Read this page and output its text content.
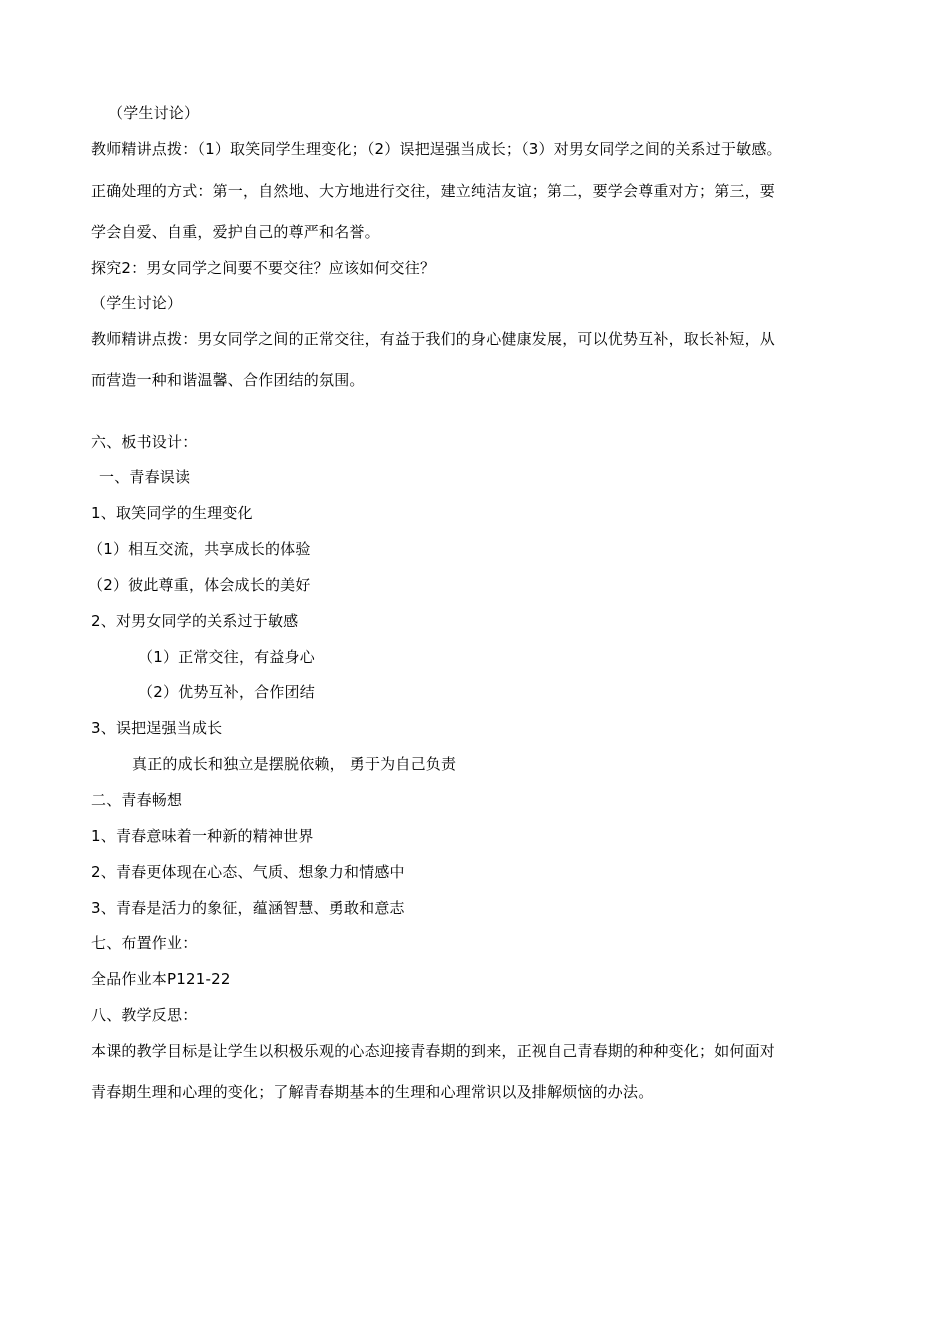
（学生讨论）
教师精讲点拨：（1）取笑同学生理变化；（2）误把逞强当成长；（3）对男女同学之间的关系过于敏感。
正确处理的方式：第一，自然地、大方地进行交往，建立纯洁友谊；第二，要学会尊重对方；第三，要
学会自爱、自重，爱护自己的尊严和名誉。
探究2：男女同学之间要不要交往？应该如何交往？
（学生讨论）
教师精讲点拨：男女同学之间的正常交往，有益于我们的身心健康发展，可以优势互补，取长补短，从
而营造一种和谐温馨、合作团结的氛围。
六、板书设计：
一、青春误读
1、取笑同学的生理变化
（1）相互交流，共享成长的体验
（2）彼此尊重，体会成长的美好
2、对男女同学的关系过于敏感
（1）正常交往，有益身心
（2）优势互补，合作团结
3、误把逞强当成长
真正的成长和独立是摆脱依赖， 勇于为自己负责
二、青春畅想
1、青春意味着一种新的精神世界
2、青春更体现在心态、气质、想象力和情感中
3、青春是活力的象征，蕴涵智慧、勇敢和意志
七、布置作业：
全品作业本P121-22
八、教学反思：
本课的教学目标是让学生以积极乐观的心态迎接青春期的到来，正视自己青春期的种种变化；如何面对
青春期生理和心理的变化；了解青春期基本的生理和心理常识以及排解烦恼的办法。
